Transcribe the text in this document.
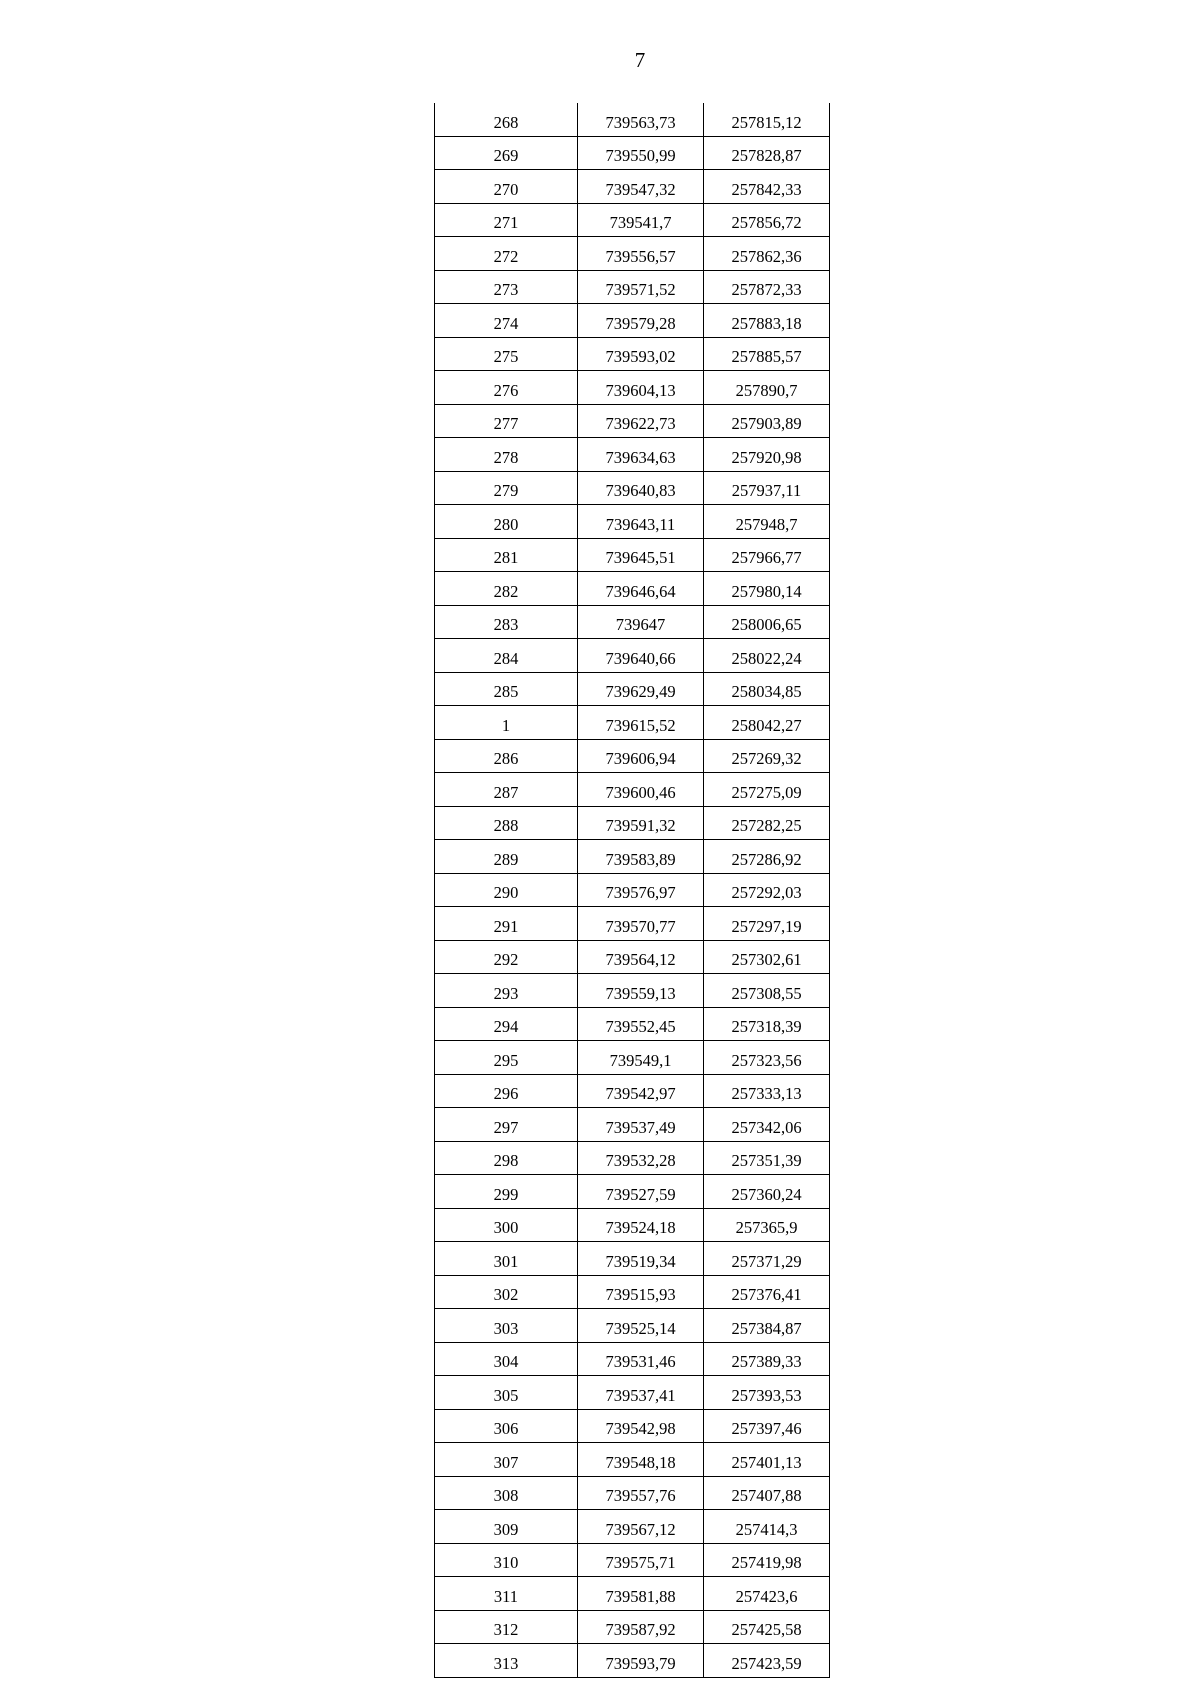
7
268	739563,73	257815,12
269	739550,99	257828,87
270	739547,32	257842,33
271	739541,7	257856,72
272	739556,57	257862,36
273	739571,52	257872,33
274	739579,28	257883,18
275	739593,02	257885,57
276	739604,13	257890,7
277	739622,73	257903,89
278	739634,63	257920,98
279	739640,83	257937,11
280	739643,11	257948,7
281	739645,51	257966,77
282	739646,64	257980,14
283	739647	258006,65
284	739640,66	258022,24
285	739629,49	258034,85
1	739615,52	258042,27
286	739606,94	257269,32
287	739600,46	257275,09
288	739591,32	257282,25
289	739583,89	257286,92
290	739576,97	257292,03
291	739570,77	257297,19
292	739564,12	257302,61
293	739559,13	257308,55
294	739552,45	257318,39
295	739549,1	257323,56
296	739542,97	257333,13
297	739537,49	257342,06
298	739532,28	257351,39
299	739527,59	257360,24
300	739524,18	257365,9
301	739519,34	257371,29
302	739515,93	257376,41
303	739525,14	257384,87
304	739531,46	257389,33
305	739537,41	257393,53
306	739542,98	257397,46
307	739548,18	257401,13
308	739557,76	257407,88
309	739567,12	257414,3
310	739575,71	257419,98
311	739581,88	257423,6
312	739587,92	257425,58
313	739593,79	257423,59
